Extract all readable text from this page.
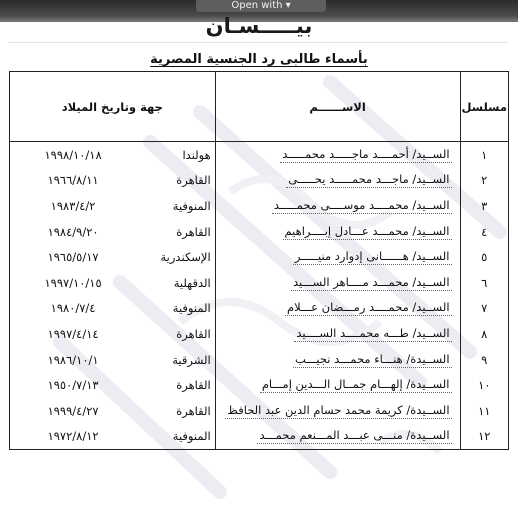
Open with ▾
بيـــــسـان
بأسماء طالبى رد الجنسية المصرية
مسلسل	الاســــــم	جهة وتاريخ الميلاد	
١	الســيد/ أحمــــد ماجـــــد محمـــــد	هولندا	١٩٩٨/١٠/١٨
٢	الســيد/ ماجـــد محمـــــد يحـــــى	القاهرة	١٩٦٦/٨/١١
٣	الســيد/ محمــــد موســــى محمـــــد	المنوفية	١٩٨٣/٤/٢
٤	الســيد/ محمـــد عـــادل إبــــراهيم	القاهرة	١٩٨٤/٩/٢٠
٥	الســيد/ هــــــانى إدوارد منيـــــر	الإسكندرية	١٩٦٥/٥/١٧
٦	الســيد/ محمـــد مــــاهر الســـيد	الدقهلية	١٩٩٧/١٠/١٥
٧	الســيد/ محمــــد رمـــضان عـــلام	المنوفية	١٩٨٠/٧/٤
٨	الســيد/ طـــه محمــــد الســــيد	القاهرة	١٩٩٧/٤/١٤
٩	الســيدة/ هنـــاء محمـــد نجيـــب	الشرقية	١٩٨٦/١٠/١
١٠	الســيدة/ إلهـــام جمــال الـــدين إمـــام	القاهرة	١٩٥٠/٧/١٣
١١	الســيدة/ كريمة محمد حسام الدين عبد الحافظ	القاهرة	١٩٩٩/٤/٢٧
١٢	الســيدة/ منـــى عبـــد المـــنعم محمـــد	المنوفية	١٩٧٢/٨/١٢
